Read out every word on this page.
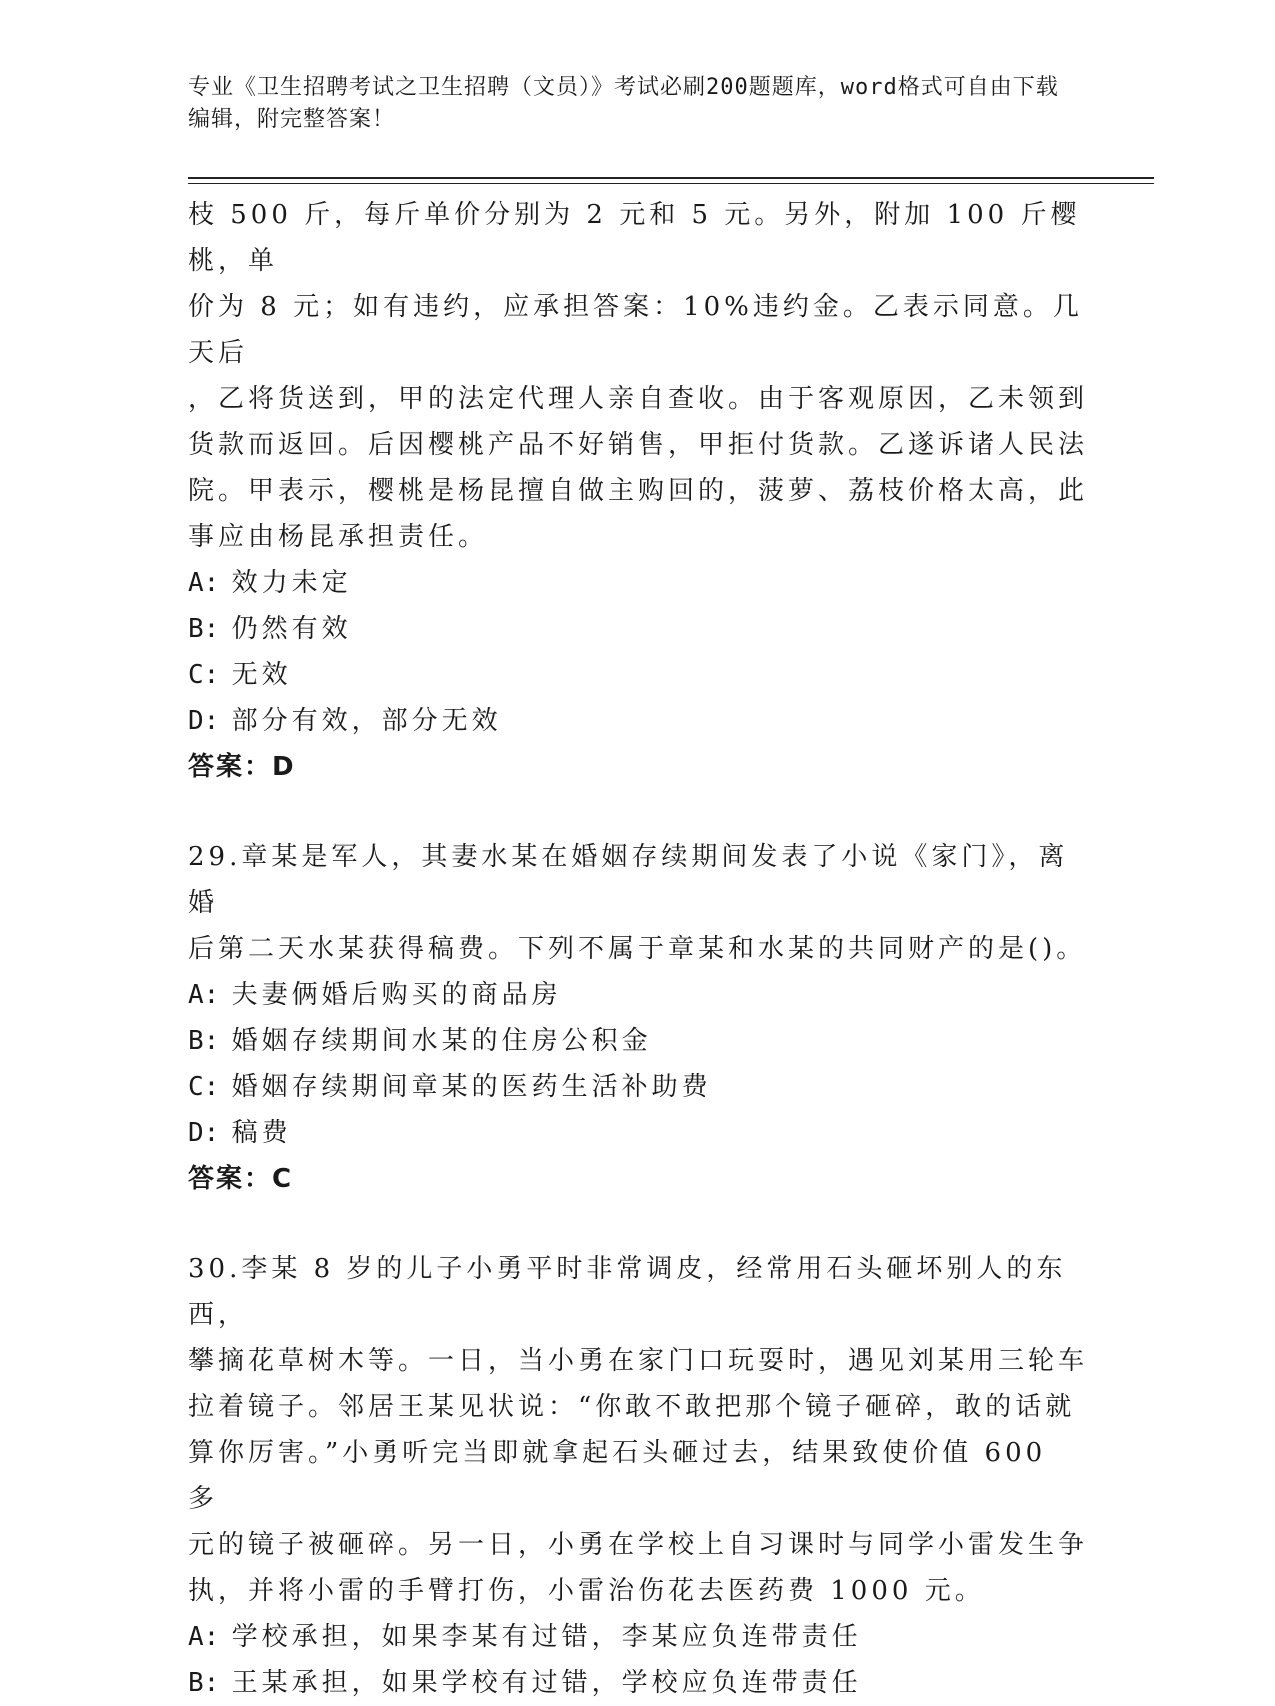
专业《卫生招聘考试之卫生招聘（文员）》考试必刷200题题库，word格式可自由下载编辑，附完整答案！

枝 500 斤，每斤单价分别为 2 元和 5 元。另外，附加 100 斤樱桃，单

价为 8 元；如有违约，应承担答案：10%违约金。乙表示同意。几天后

，乙将货送到，甲的法定代理人亲自查收。由于客观原因，乙未领到

货款而返回。后因樱桃产品不好销售，甲拒付货款。乙遂诉诸人民法

院。甲表示，樱桃是杨昆擅自做主购回的，菠萝、荔枝价格太高，此

事应由杨昆承担责任。

A: 效力未定

B: 仍然有效

C: 无效

D: 部分有效，部分无效

答案：D

29.章某是军人，其妻水某在婚姻存续期间发表了小说《家门》，离婚

后第二天水某获得稿费。下列不属于章某和水某的共同财产的是()。

A: 夫妻俩婚后购买的商品房

B: 婚姻存续期间水某的住房公积金

C: 婚姻存续期间章某的医药生活补助费

D: 稿费

答案：C

30.李某 8 岁的儿子小勇平时非常调皮，经常用石头砸坏别人的东西，

攀摘花草树木等。一日，当小勇在家门口玩耍时，遇见刘某用三轮车

拉着镜子。邻居王某见状说：“你敢不敢把那个镜子砸碎，敢的话就

算你厉害。”小勇听完当即就拿起石头砸过去，结果致使价值 600 多

元的镜子被砸碎。另一日，小勇在学校上自习课时与同学小雷发生争

执，并将小雷的手臂打伤，小雷治伤花去医药费 1000 元。

A: 学校承担，如果李某有过错，李某应负连带责任

B: 王某承担，如果学校有过错，学校应负连带责任
